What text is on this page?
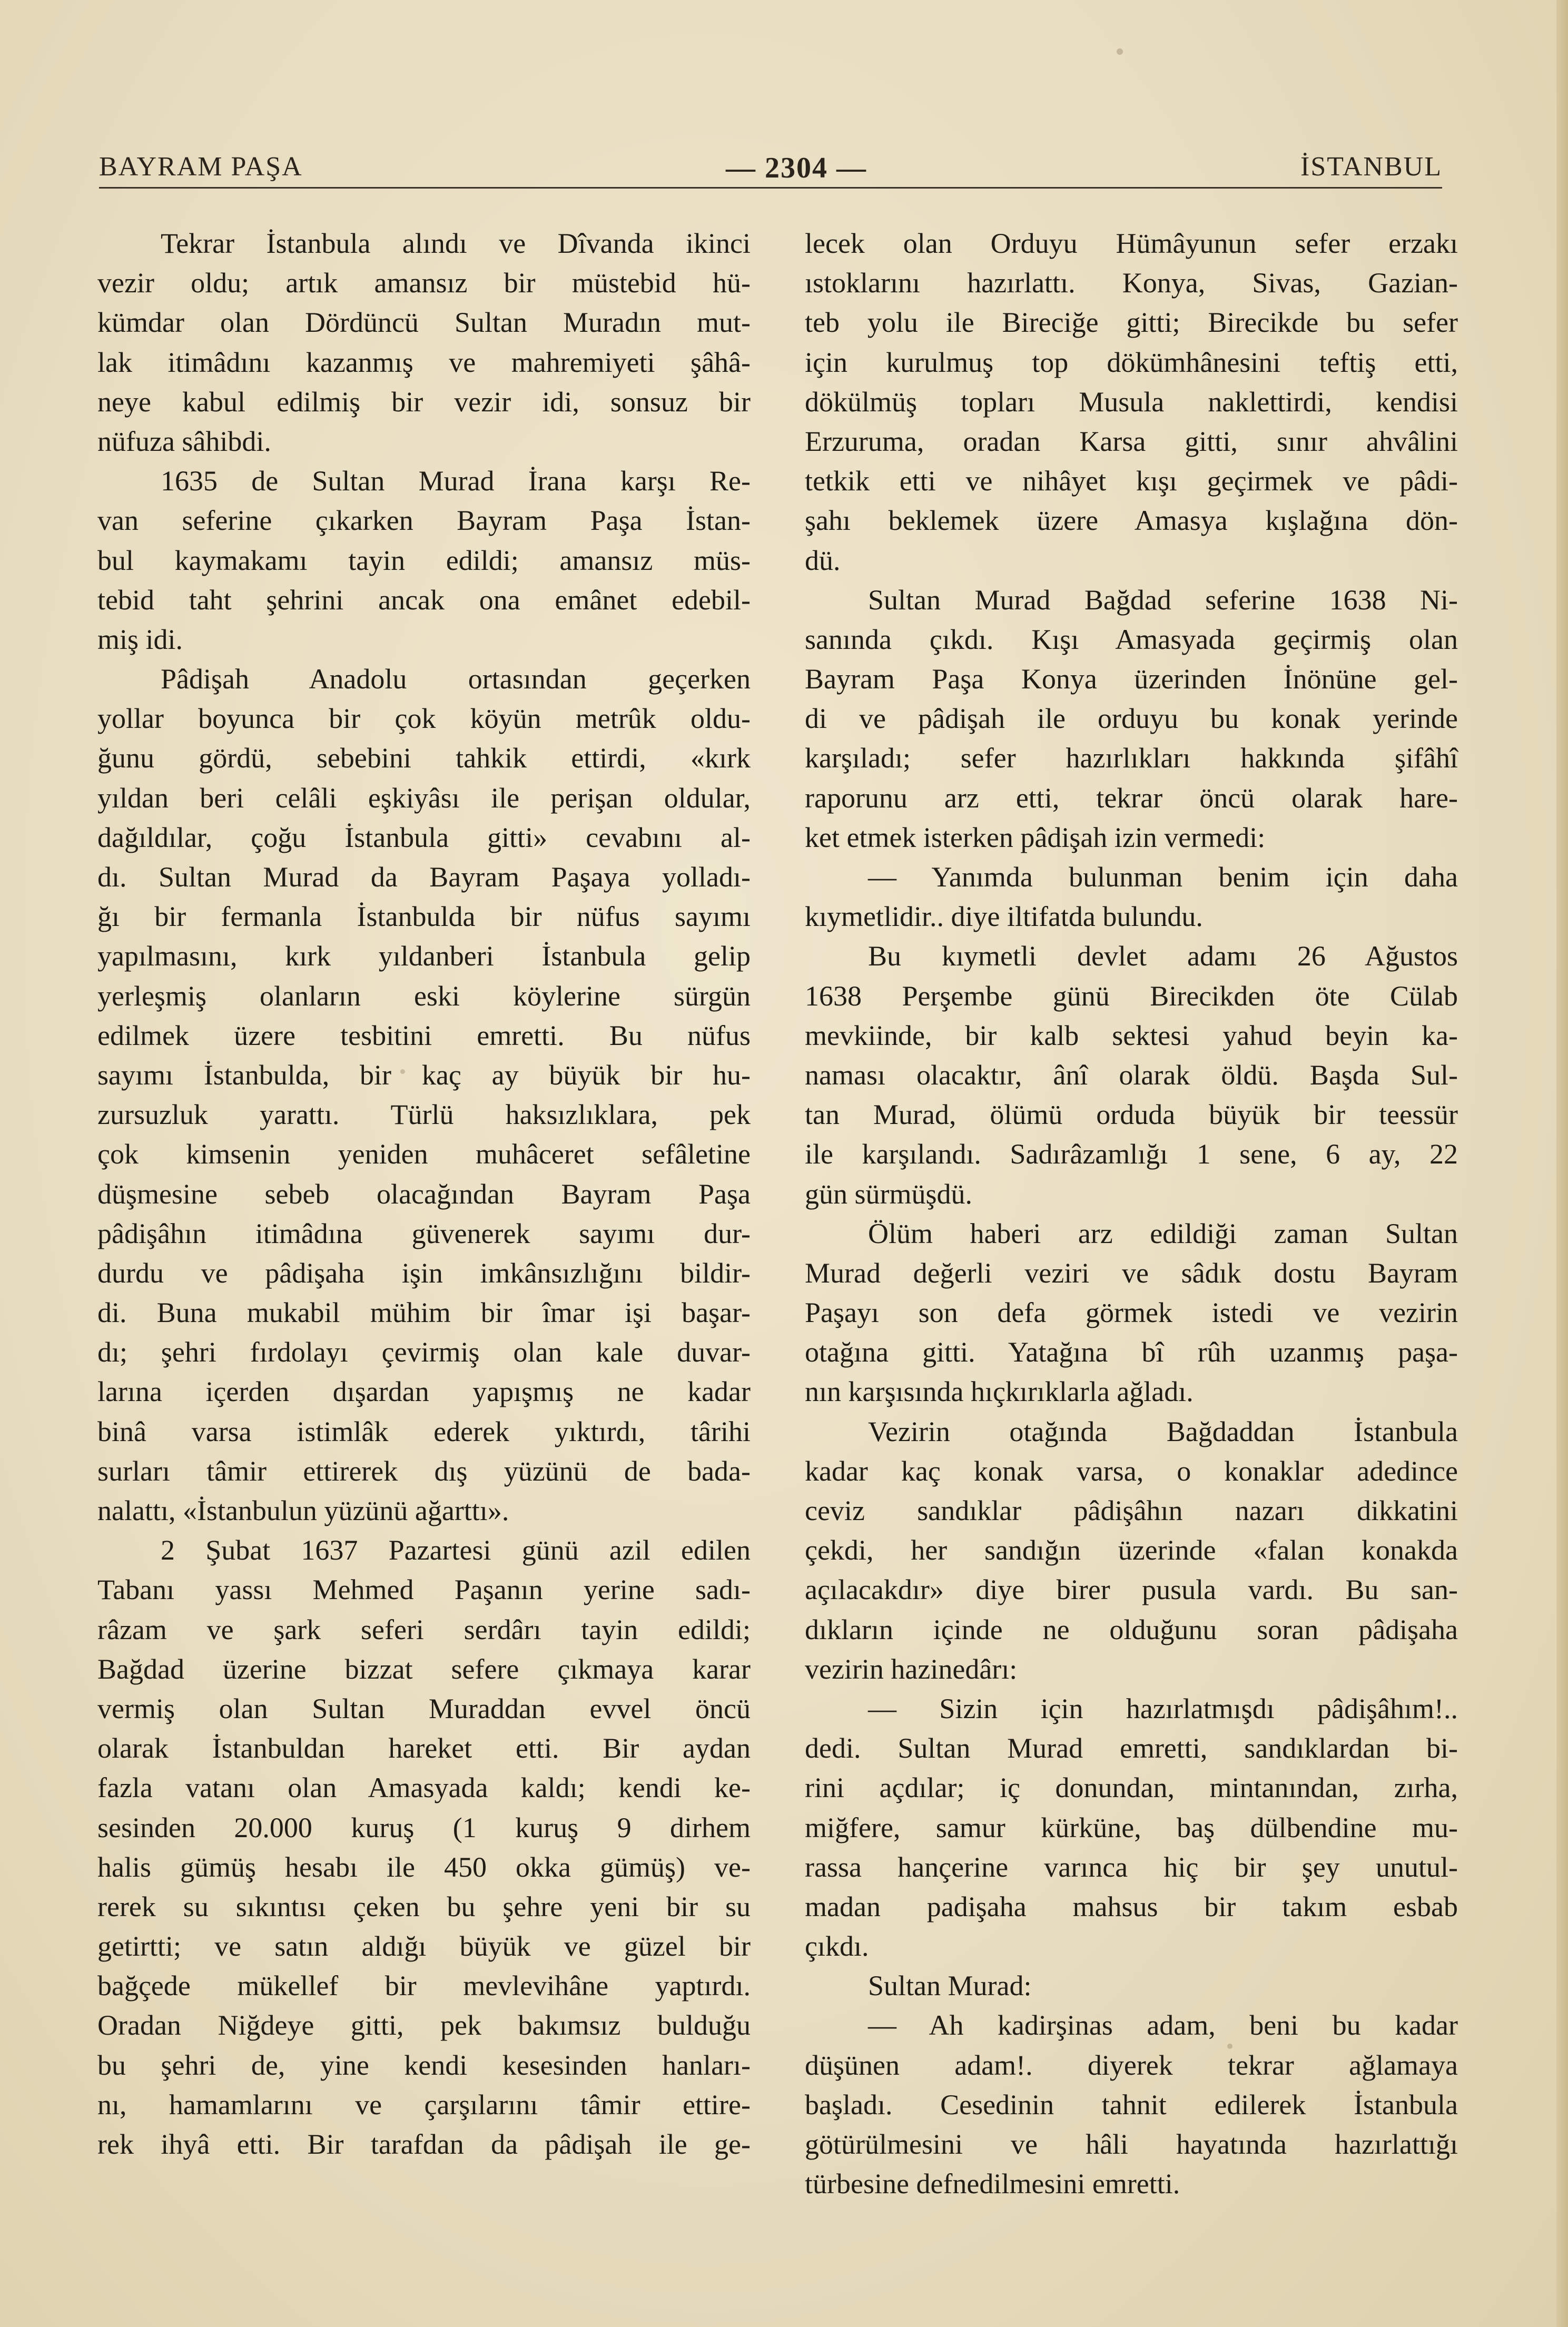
BAYRAM PAŞA	— 2304 —	İSTANBUL
Tekrar İstanbula alındı ve Dîvanda ikinci
vezir oldu; artık amansız bir müstebid hü-
kümdar olan Dördüncü Sultan Muradın mut-
lak itimâdını kazanmış ve mahremiyeti şâhâ-
neye kabul edilmiş bir vezir idi, sonsuz bir
nüfuza sâhibdi.
1635 de Sultan Murad İrana karşı Re-
van seferine çıkarken Bayram Paşa İstan-
bul kaymakamı tayin edildi; amansız müs-
tebid taht şehrini ancak ona emânet edebil-
miş idi.
Pâdişah Anadolu ortasından geçerken
yollar boyunca bir çok köyün metrûk oldu-
ğunu gördü, sebebini tahkik ettirdi, «kırk
yıldan beri celâli eşkiyâsı ile perişan oldular,
dağıldılar, çoğu İstanbula gitti» cevabını al-
dı. Sultan Murad da Bayram Paşaya yolladı-
ğı bir fermanla İstanbulda bir nüfus sayımı
yapılmasını, kırk yıldanberi İstanbula gelip
yerleşmiş olanların eski köylerine sürgün
edilmek üzere tesbitini emretti. Bu nüfus
sayımı İstanbulda, bir kaç ay büyük bir hu-
zursuzluk yarattı. Türlü haksızlıklara, pek
çok kimsenin yeniden muhâceret sefâletine
düşmesine sebeb olacağından Bayram Paşa
pâdişâhın itimâdına güvenerek sayımı dur-
durdu ve pâdişaha işin imkânsızlığını bildir-
di. Buna mukabil mühim bir îmar işi başar-
dı; şehri fırdolayı çevirmiş olan kale duvar-
larına içerden dışardan yapışmış ne kadar
binâ varsa istimlâk ederek yıktırdı, târihi
surları tâmir ettirerek dış yüzünü de bada-
nalattı, «İstanbulun yüzünü ağarttı».
2 Şubat 1637 Pazartesi günü azil edilen
Tabanı yassı Mehmed Paşanın yerine sadı-
râzam ve şark seferi serdârı tayin edildi;
Bağdad üzerine bizzat sefere çıkmaya karar
vermiş olan Sultan Muraddan evvel öncü
olarak İstanbuldan hareket etti. Bir aydan
fazla vatanı olan Amasyada kaldı; kendi ke-
sesinden 20.000 kuruş (1 kuruş 9 dirhem
halis gümüş hesabı ile 450 okka gümüş) ve-
rerek su sıkıntısı çeken bu şehre yeni bir su
getirtti; ve satın aldığı büyük ve güzel bir
bağçede mükellef bir mevlevihâne yaptırdı.
Oradan Niğdeye gitti, pek bakımsız bulduğu
bu şehri de, yine kendi kesesinden hanları-
nı, hamamlarını ve çarşılarını tâmir ettire-
rek ihyâ etti. Bir tarafdan da pâdişah ile ge-
lecek olan Orduyu Hümâyunun sefer erzakı
ıstoklarını hazırlattı. Konya, Sivas, Gazian-
teb yolu ile Bireciğe gitti; Birecikde bu sefer
için kurulmuş top dökümhânesini teftiş etti,
dökülmüş topları Musula naklettirdi, kendisi
Erzuruma, oradan Karsa gitti, sınır ahvâlini
tetkik etti ve nihâyet kışı geçirmek ve pâdi-
şahı beklemek üzere Amasya kışlağına dön-
dü.
Sultan Murad Bağdad seferine 1638 Ni-
sanında çıkdı. Kışı Amasyada geçirmiş olan
Bayram Paşa Konya üzerinden İnönüne gel-
di ve pâdişah ile orduyu bu konak yerinde
karşıladı; sefer hazırlıkları hakkında şifâhî
raporunu arz etti, tekrar öncü olarak hare-
ket etmek isterken pâdişah izin vermedi:
— Yanımda bulunman benim için daha
kıymetlidir.. diye iltifatda bulundu.
Bu kıymetli devlet adamı 26 Ağustos
1638 Perşembe günü Birecikden öte Cülab
mevkiinde, bir kalb sektesi yahud beyin ka-
naması olacaktır, ânî olarak öldü. Başda Sul-
tan Murad, ölümü orduda büyük bir teessür
ile karşılandı. Sadırâzamlığı 1 sene, 6 ay, 22
gün sürmüşdü.
Ölüm haberi arz edildiği zaman Sultan
Murad değerli veziri ve sâdık dostu Bayram
Paşayı son defa görmek istedi ve vezirin
otağına gitti. Yatağına bî rûh uzanmış paşa-
nın karşısında hıçkırıklarla ağladı.
Vezirin otağında Bağdaddan İstanbula
kadar kaç konak varsa, o konaklar adedince
ceviz sandıklar pâdişâhın nazarı dikkatini
çekdi, her sandığın üzerinde «falan konakda
açılacakdır» diye birer pusula vardı. Bu san-
dıkların içinde ne olduğunu soran pâdişaha
vezirin hazinedârı:
— Sizin için hazırlatmışdı pâdişâhım!..
dedi. Sultan Murad emretti, sandıklardan bi-
rini açdılar; iç donundan, mintanından, zırha,
miğfere, samur kürküne, baş dülbendine mu-
rassa hançerine varınca hiç bir şey unutul-
madan padişaha mahsus bir takım esbab
çıkdı.
Sultan Murad:
— Ah kadirşinas adam, beni bu kadar
düşünen adam!. diyerek tekrar ağlamaya
başladı. Cesedinin tahnit edilerek İstanbula
götürülmesini ve hâli hayatında hazırlattığı
türbesine defnedilmesini emretti.
